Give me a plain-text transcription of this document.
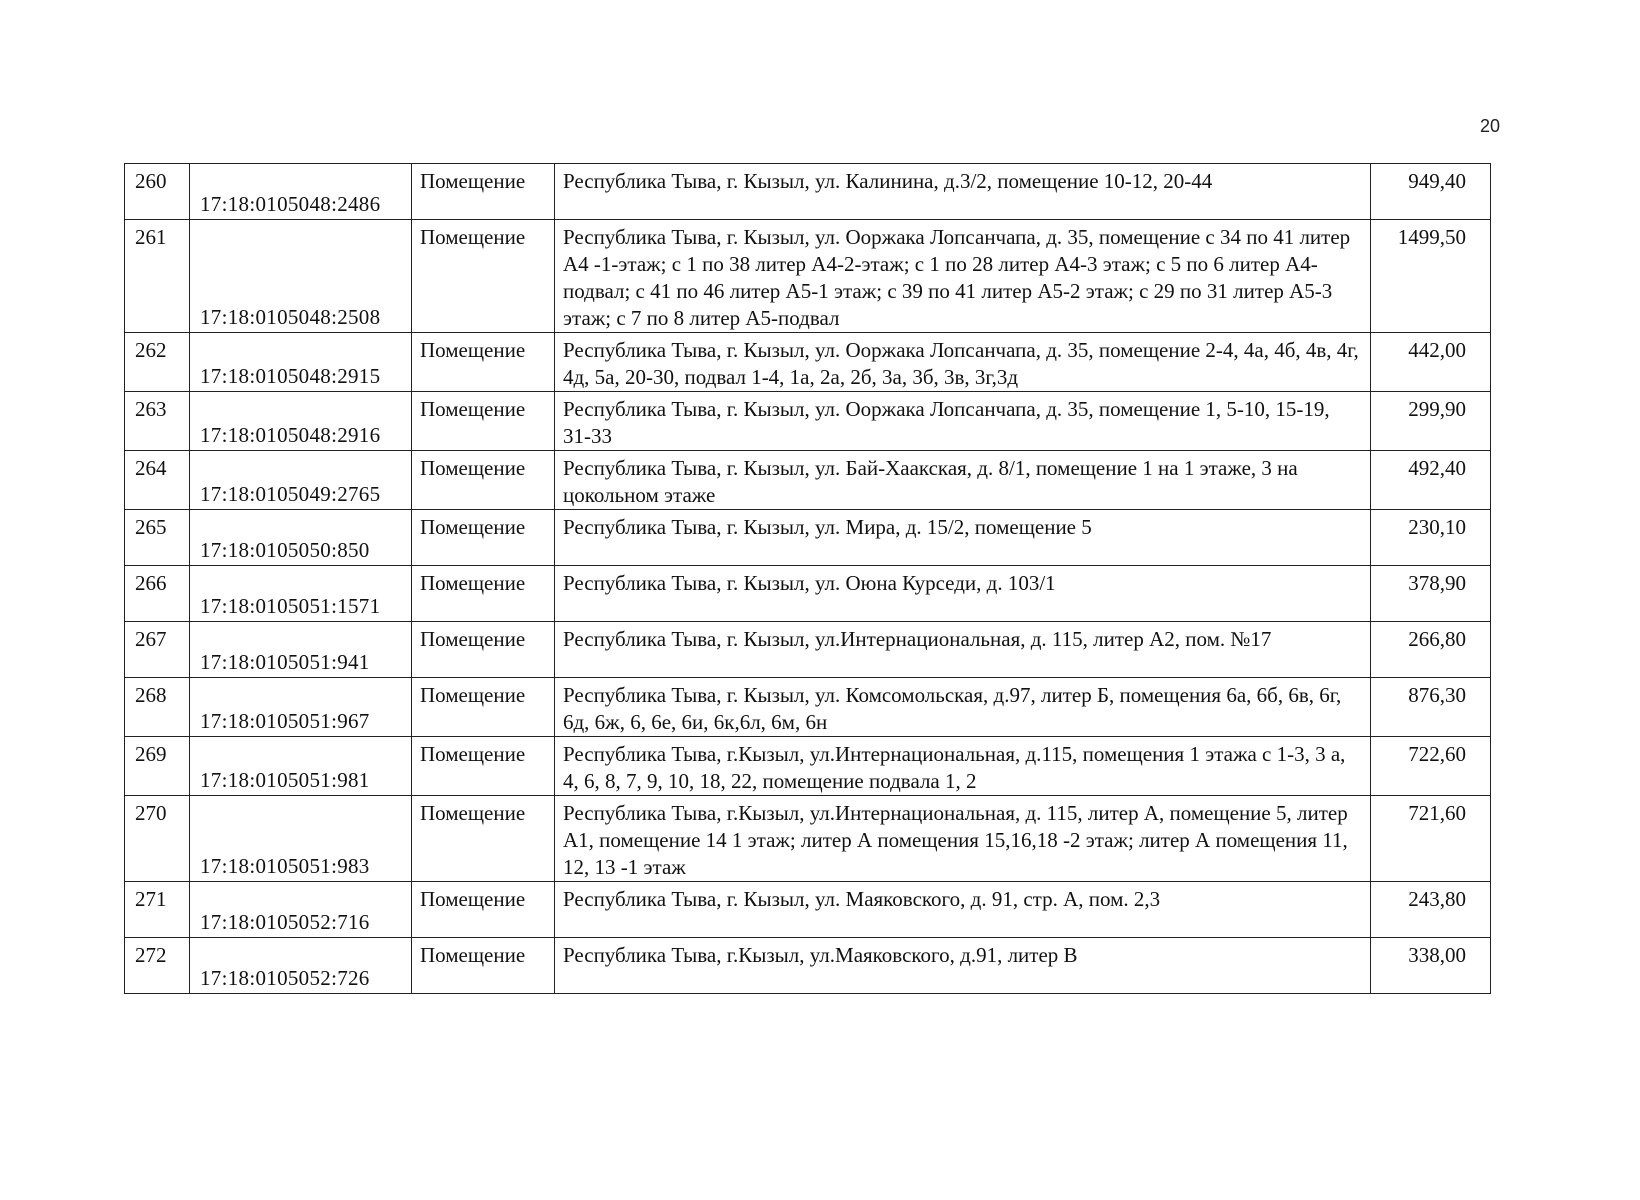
20
260	17:18:0105048:2486	Помещение	Республика Тыва, г. Кызыл, ул. Калинина, д.3/2, помещение 10-12, 20-44	949,40
261	17:18:0105048:2508	Помещение	Республика Тыва, г. Кызыл, ул. Ооржака Лопсанчапа, д. 35, помещение с 34 по 41 литер А4 -1-этаж; с 1 по 38 литер А4-2-этаж; с 1 по 28 литер А4-3 этаж; с 5 по 6 литер А4-подвал; с 41 по 46 литер А5-1 этаж; с 39 по 41 литер А5-2 этаж; с 29 по 31 литер А5-3 этаж; с 7 по 8 литер А5-подвал	1499,50
262	17:18:0105048:2915	Помещение	Республика Тыва, г. Кызыл, ул. Ооржака Лопсанчапа, д. 35, помещение 2-4, 4а, 4б, 4в, 4г, 4д, 5а, 20-30, подвал 1-4, 1а, 2а, 2б, 3а, 3б, 3в, 3г,3д	442,00
263	17:18:0105048:2916	Помещение	Республика Тыва, г. Кызыл, ул. Ооржака Лопсанчапа, д. 35, помещение 1, 5-10, 15-19, 31-33	299,90
264	17:18:0105049:2765	Помещение	Республика Тыва, г. Кызыл, ул. Бай-Хаакская, д. 8/1, помещение 1 на 1 этаже, 3 на цокольном этаже	492,40
265	17:18:0105050:850	Помещение	Республика Тыва, г. Кызыл, ул. Мира, д. 15/2, помещение 5	230,10
266	17:18:0105051:1571	Помещение	Республика Тыва, г. Кызыл, ул. Оюна Курседи, д. 103/1	378,90
267	17:18:0105051:941	Помещение	Республика Тыва, г. Кызыл, ул.Интернациональная, д. 115, литер А2, пом. №17	266,80
268	17:18:0105051:967	Помещение	Республика Тыва, г. Кызыл, ул. Комсомольская, д.97, литер Б, помещения 6а, 6б, 6в, 6г, 6д, 6ж, 6, 6е, 6и, 6к,6л, 6м, 6н	876,30
269	17:18:0105051:981	Помещение	Республика Тыва, г.Кызыл, ул.Интернациональная, д.115, помещения 1 этажа с 1-3, 3 а, 4, 6, 8, 7, 9, 10, 18, 22, помещение подвала 1, 2	722,60
270	17:18:0105051:983	Помещение	Республика Тыва, г.Кызыл, ул.Интернациональная, д. 115, литер А, помещение 5, литер А1, помещение 14 1 этаж; литер А помещения 15,16,18 -2 этаж; литер А помещения 11, 12, 13 -1 этаж	721,60
271	17:18:0105052:716	Помещение	Республика Тыва, г. Кызыл, ул. Маяковского, д. 91, стр. А, пом. 2,3	243,80
272	17:18:0105052:726	Помещение	Республика Тыва, г.Кызыл, ул.Маяковского, д.91, литер В	338,00
